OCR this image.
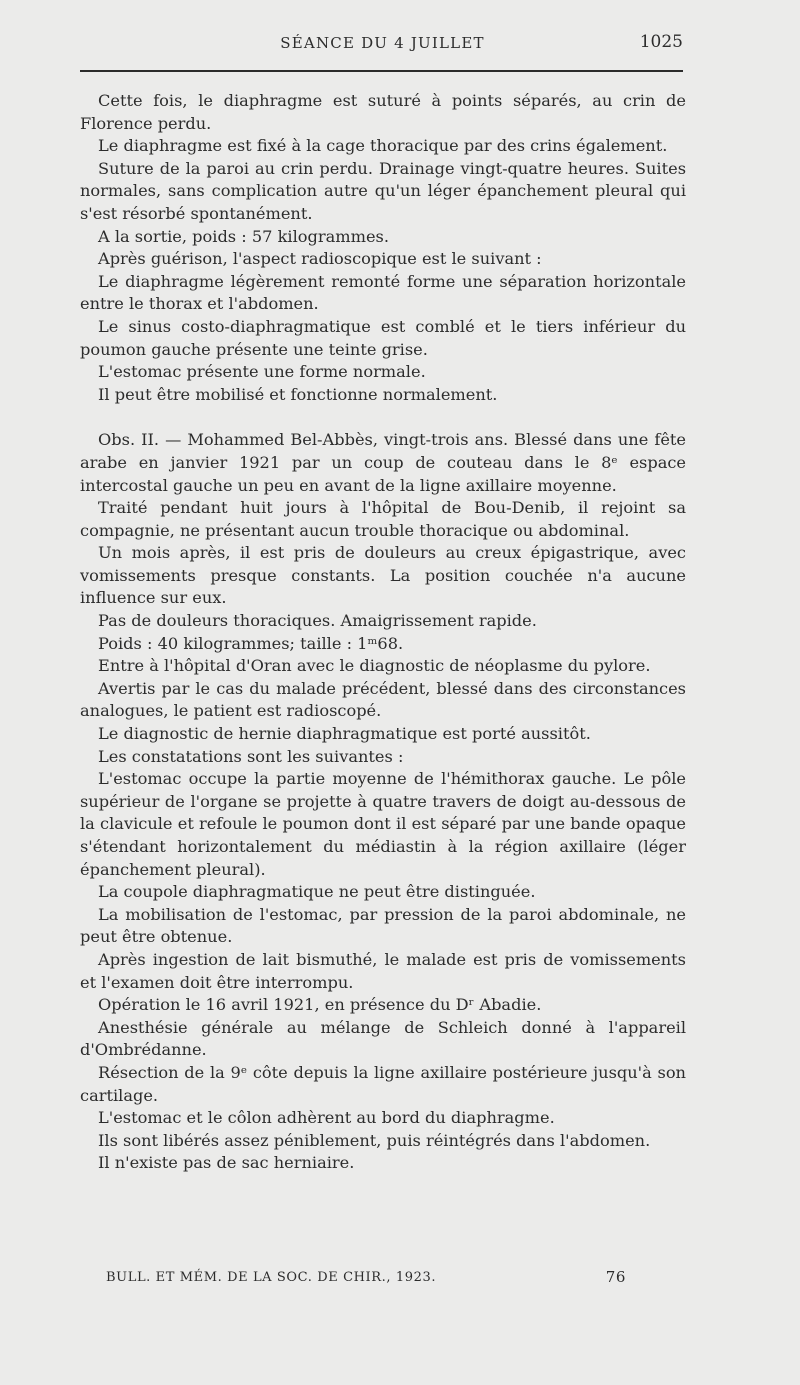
SÉANCE DU 4 JUILLET	1025

Cette fois, le diaphragme est suturé à points séparés, au crin de Florence perdu.

Le diaphragme est fixé à la cage thoracique par des crins également.

Suture de la paroi au crin perdu. Drainage vingt-quatre heures. Suites normales, sans complication autre qu'un léger épanchement pleural qui s'est résorbé spontanément.

A la sortie, poids : 57 kilogrammes.

Après guérison, l'aspect radioscopique est le suivant :

Le diaphragme légèrement remonté forme une séparation horizontale entre le thorax et l'abdomen.

Le sinus costo-diaphragmatique est comblé et le tiers inférieur du poumon gauche présente une teinte grise.

L'estomac présente une forme normale.

Il peut être mobilisé et fonctionne normalement.

Obs. II. — Mohammed Bel-Abbès, vingt-trois ans. Blessé dans une fête arabe en janvier 1921 par un coup de couteau dans le 8ᵉ espace intercostal gauche un peu en avant de la ligne axillaire moyenne.

Traité pendant huit jours à l'hôpital de Bou-Denib, il rejoint sa compagnie, ne présentant aucun trouble thoracique ou abdominal.

Un mois après, il est pris de douleurs au creux épigastrique, avec vomissements presque constants. La position couchée n'a aucune influence sur eux.

Pas de douleurs thoraciques. Amaigrissement rapide.

Poids : 40 kilogrammes; taille : 1ᵐ68.

Entre à l'hôpital d'Oran avec le diagnostic de néoplasme du pylore.

Avertis par le cas du malade précédent, blessé dans des circonstances analogues, le patient est radioscopé.

Le diagnostic de hernie diaphragmatique est porté aussitôt.

Les constatations sont les suivantes :

L'estomac occupe la partie moyenne de l'hémithorax gauche. Le pôle supérieur de l'organe se projette à quatre travers de doigt au-dessous de la clavicule et refoule le poumon dont il est séparé par une bande opaque s'étendant horizontalement du médiastin à la région axillaire (léger épanchement pleural).

La coupole diaphragmatique ne peut être distinguée.

La mobilisation de l'estomac, par pression de la paroi abdominale, ne peut être obtenue.

Après ingestion de lait bismuthé, le malade est pris de vomissements et l'examen doit être interrompu.

Opération le 16 avril 1921, en présence du Dʳ Abadie.

Anesthésie générale au mélange de Schleich donné à l'appareil d'Ombrédanne.

Résection de la 9ᵉ côte depuis la ligne axillaire postérieure jusqu'à son cartilage.

L'estomac et le côlon adhèrent au bord du diaphragme.

Ils sont libérés assez péniblement, puis réintégrés dans l'abdomen.

Il n'existe pas de sac herniaire.

BULL. ET MÉM. DE LA SOC. DE CHIR., 1923.	76
